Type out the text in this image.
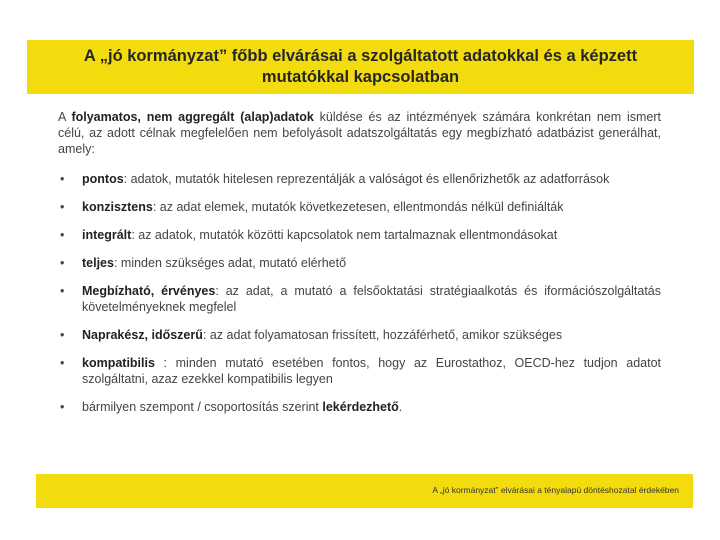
A „jó kormányzat” főbb elvárásai a szolgáltatott adatokkal és a képzett mutatókkal kapcsolatban

A folyamatos, nem aggregált (alap)adatok küldése és az intézmények számára konkrétan nem ismert célú, az adott célnak megfelelően nem befolyásolt adatszolgáltatás egy megbízható adatbázist generálhat, amely:

• pontos: adatok, mutatók hitelesen reprezentálják a valóságot és ellenőrizhetők az adatforrások
• konzisztens: az adat elemek, mutatók következetesen, ellentmondás nélkül definiálták
• integrált: az adatok, mutatók közötti kapcsolatok nem tartalmaznak ellentmondásokat
• teljes: minden szükséges adat, mutató elérhető
• Megbízható, érvényes: az adat, a mutató a felsőoktatási stratégiaalkotás és iformációszolgáltatás követelményeknek megfelel
• Naprakész, időszerű: az adat folyamatosan frissített, hozzáférhető, amikor szükséges
• kompatibilis : minden mutató esetében fontos, hogy az Eurostathoz, OECD-hez tudjon adatot szolgáltatni, azaz ezekkel kompatibilis legyen
• bármilyen szempont / csoportosítás szerint lekérdezhető.
A „jó kormányzat” elvárásai a tényalapú döntéshozatal érdekében
